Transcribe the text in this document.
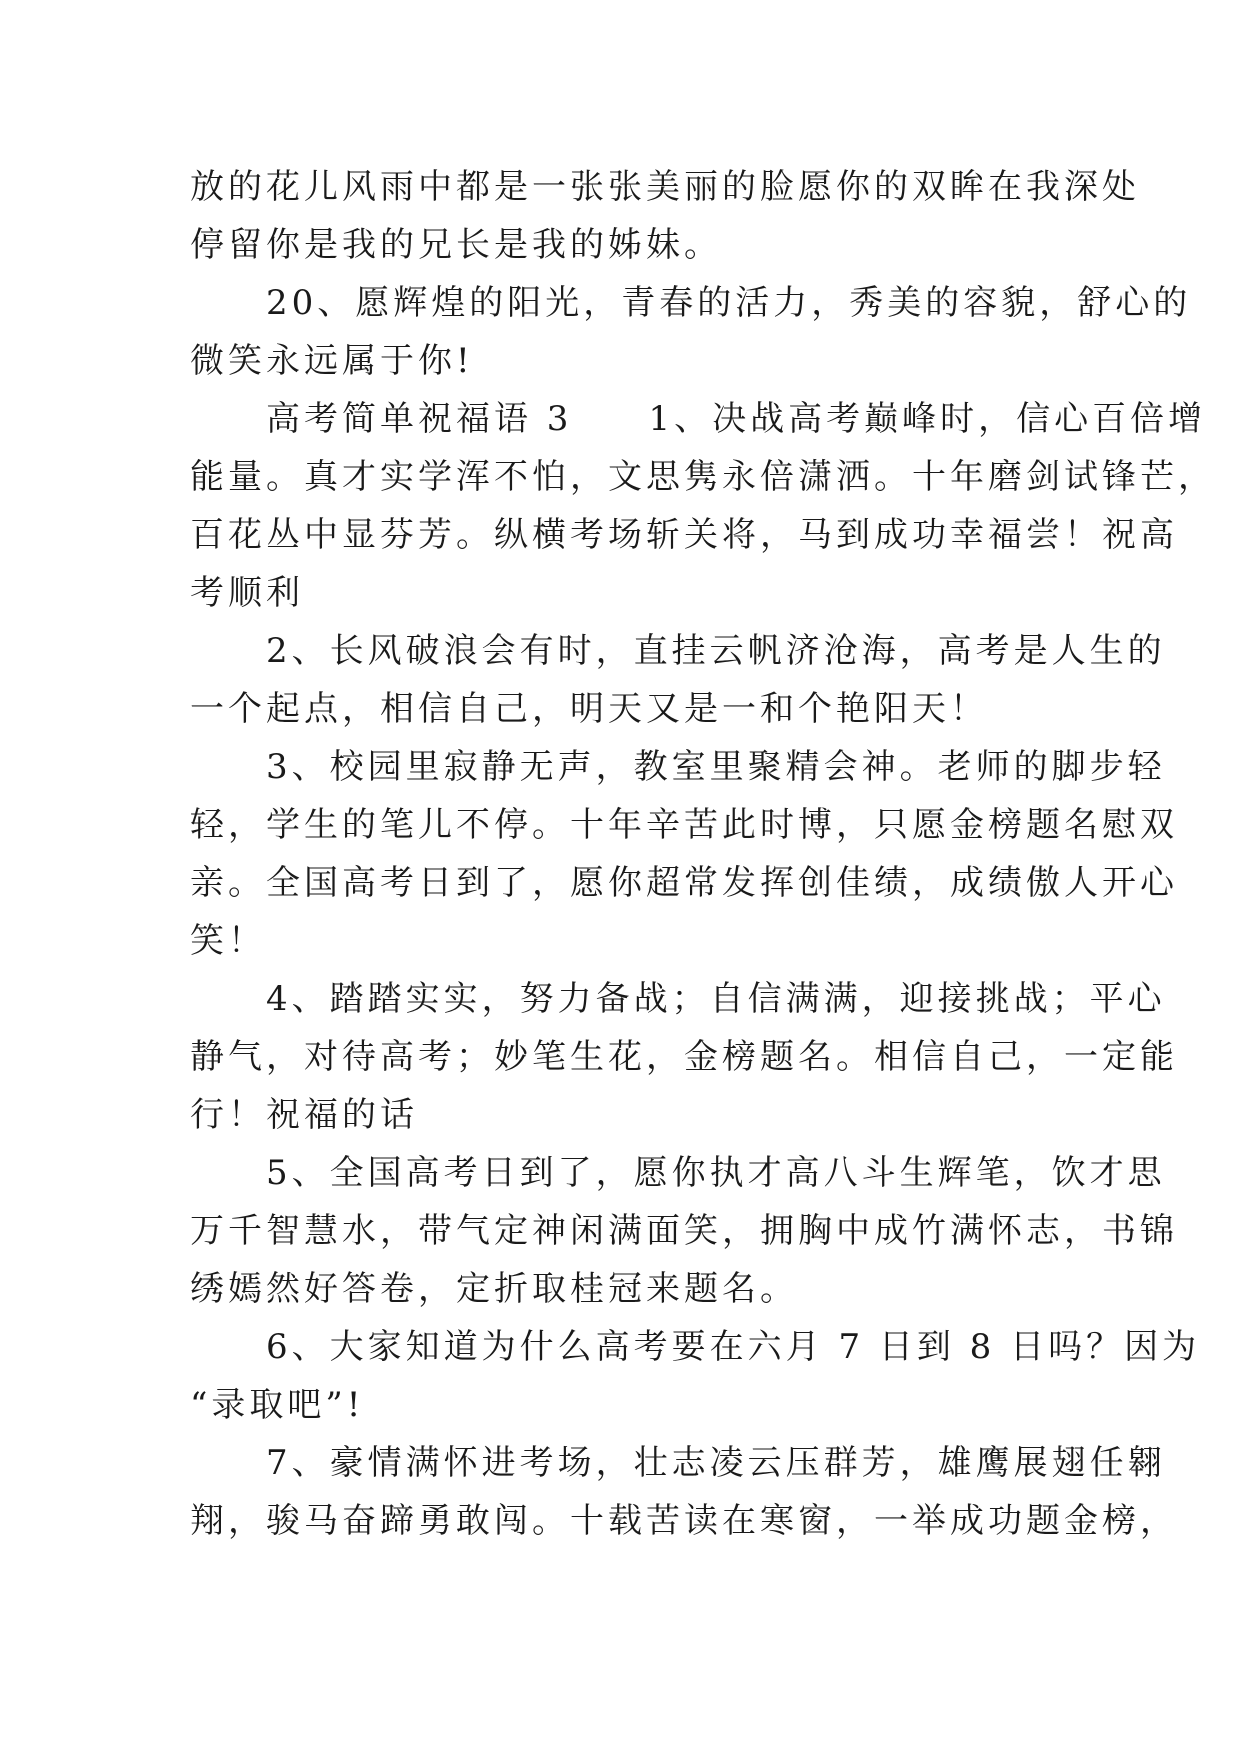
放的花儿风雨中都是一张张美丽的脸愿你的双眸在我深处
停留你是我的兄长是我的姊妹。
　　20、愿辉煌的阳光，青春的活力，秀美的容貌，舒心的
微笑永远属于你!
　　高考简单祝福语 3　　1、决战高考巅峰时，信心百倍增
能量。真才实学浑不怕，文思隽永倍潇洒。十年磨剑试锋芒，
百花丛中显芬芳。纵横考场斩关将，马到成功幸福尝！祝高
考顺利
　　2、长风破浪会有时，直挂云帆济沧海，高考是人生的
一个起点，相信自己，明天又是一和个艳阳天！
　　3、校园里寂静无声，教室里聚精会神。老师的脚步轻
轻，学生的笔儿不停。十年辛苦此时博，只愿金榜题名慰双
亲。全国高考日到了，愿你超常发挥创佳绩，成绩傲人开心
笑！
　　4、踏踏实实，努力备战；自信满满，迎接挑战；平心
静气，对待高考；妙笔生花，金榜题名。相信自己，一定能
行！祝福的话
　　5、全国高考日到了，愿你执才高八斗生辉笔，饮才思
万千智慧水，带气定神闲满面笑，拥胸中成竹满怀志，书锦
绣嫣然好答卷，定折取桂冠来题名。
　　6、大家知道为什么高考要在六月 7 日到 8 日吗？因为
“录取吧”!
　　7、豪情满怀进考场，壮志凌云压群芳，雄鹰展翅任翱
翔，骏马奋蹄勇敢闯。十载苦读在寒窗，一举成功题金榜，
